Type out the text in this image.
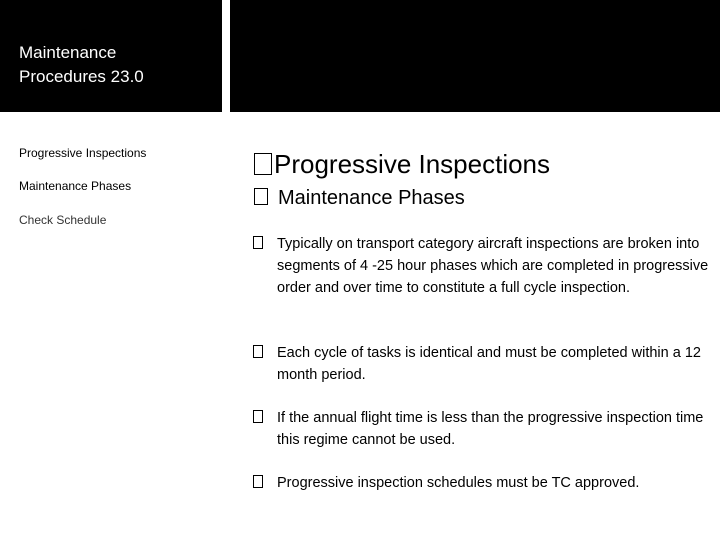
Maintenance
Procedures 23.0
Progressive Inspections
Maintenance Phases
Check Schedule
Progressive Inspections
Maintenance Phases
Typically on transport category aircraft inspections are broken into segments of 4 -25 hour phases which are completed in progressive order and over time to constitute a full cycle inspection.
Each cycle of tasks is identical and must be completed within a 12 month period.
If the annual flight time is less than the progressive inspection time this regime cannot be used.
Progressive inspection schedules must be TC approved.
